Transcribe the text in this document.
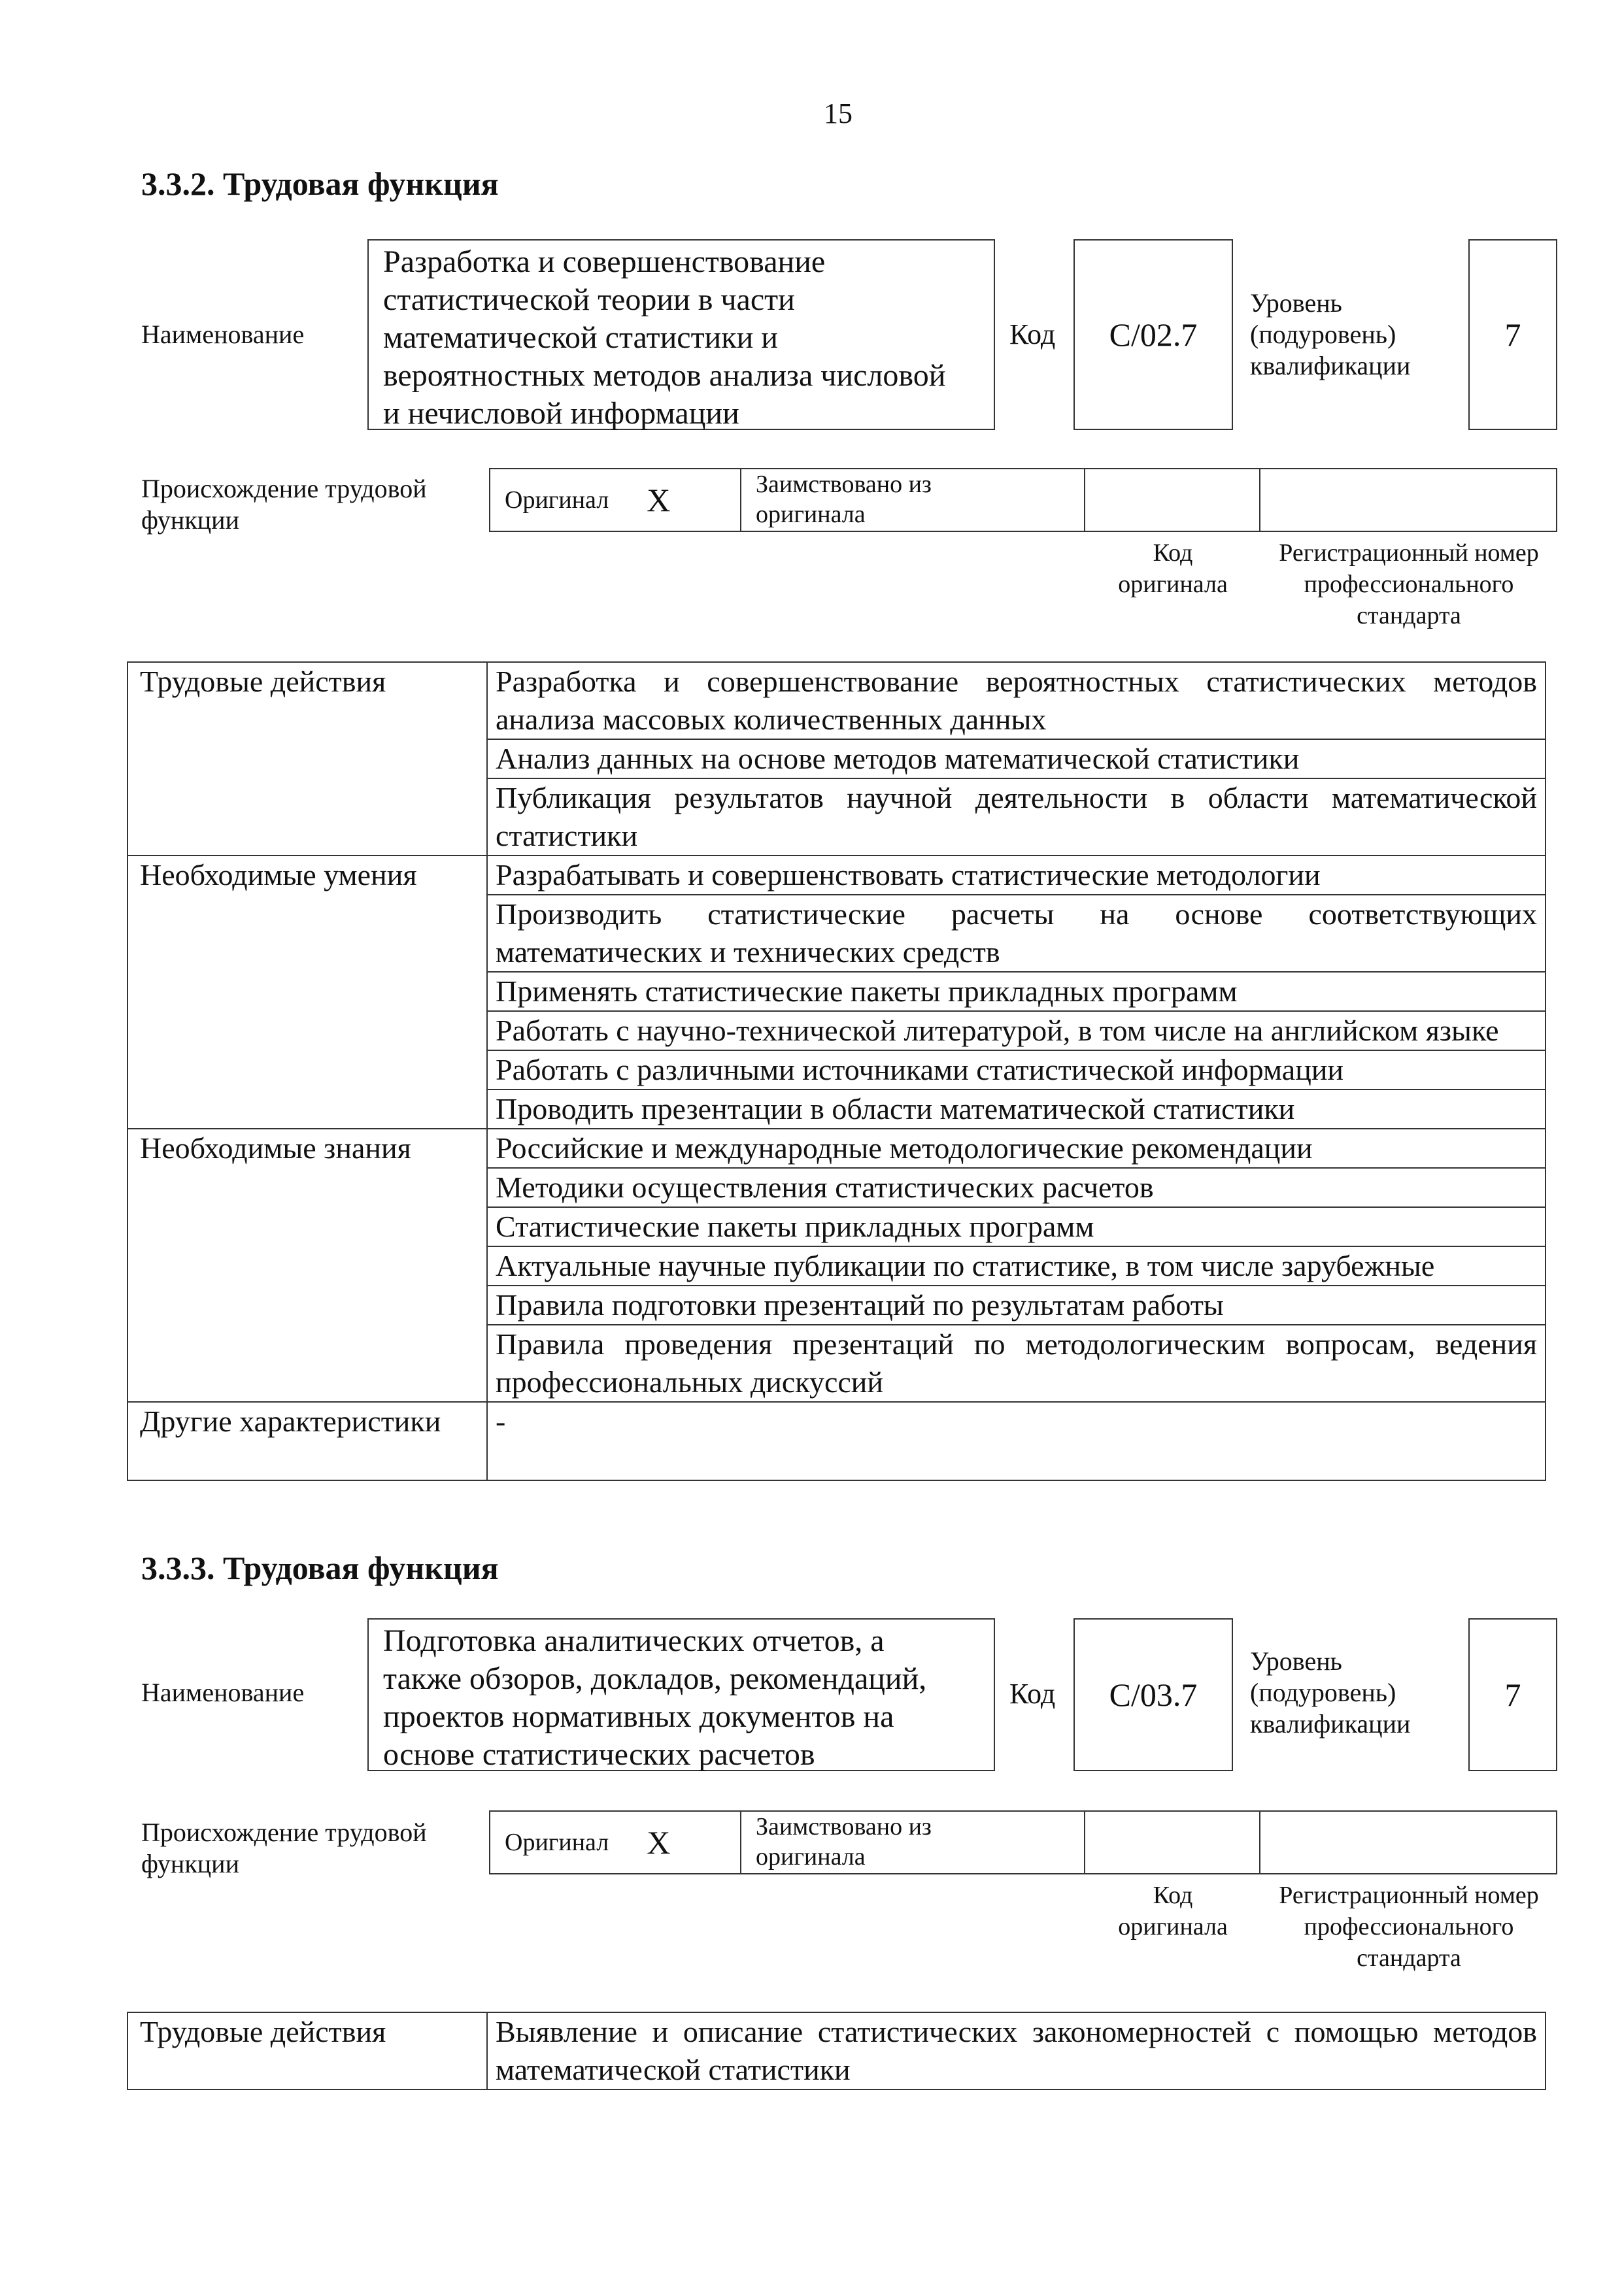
15
3.3.2. Трудовая функция
Наименование
Разработка и совершенствование
статистической теории в части
математической статистики и
вероятностных методов анализа числовой
и нечисловой информации
Код	C/02.7
Уровень
(подуровень)
квалификации
7
Происхождение трудовой
функции
Оригинал X	Заимствовано из
оригинала
Код
оригинала
Регистрационный номер
профессионального
стандарта
Трудовые действия	Разработка и совершенствование вероятностных статистических методов анализа массовых количественных данных
	Анализ данных на основе методов математической статистики
	Публикация результатов научной деятельности в области математической статистики
Необходимые умения	Разрабатывать и совершенствовать статистические методологии
	Производить статистические расчеты на основе соответствующих математических и технических средств
	Применять статистические пакеты прикладных программ
	Работать с научно-технической литературой, в том числе на английском языке
	Работать с различными источниками статистической информации
	Проводить презентации в области математической статистики
Необходимые знания	Российские и международные методологические рекомендации
	Методики осуществления статистических расчетов
	Статистические пакеты прикладных программ
	Актуальные научные публикации по статистике, в том числе зарубежные
	Правила подготовки презентаций по результатам работы
	Правила проведения презентаций по методологическим вопросам, ведения профессиональных дискуссий
Другие характеристики	-
3.3.3. Трудовая функция
Наименование
Подготовка аналитических отчетов, а
также обзоров, докладов, рекомендаций,
проектов нормативных документов на
основе статистических расчетов
Код	C/03.7
Уровень
(подуровень)
квалификации
7
Происхождение трудовой
функции
Оригинал X	Заимствовано из
оригинала
Код
оригинала
Регистрационный номер
профессионального
стандарта
Трудовые действия	Выявление и описание статистических закономерностей с помощью методов математической статистики
